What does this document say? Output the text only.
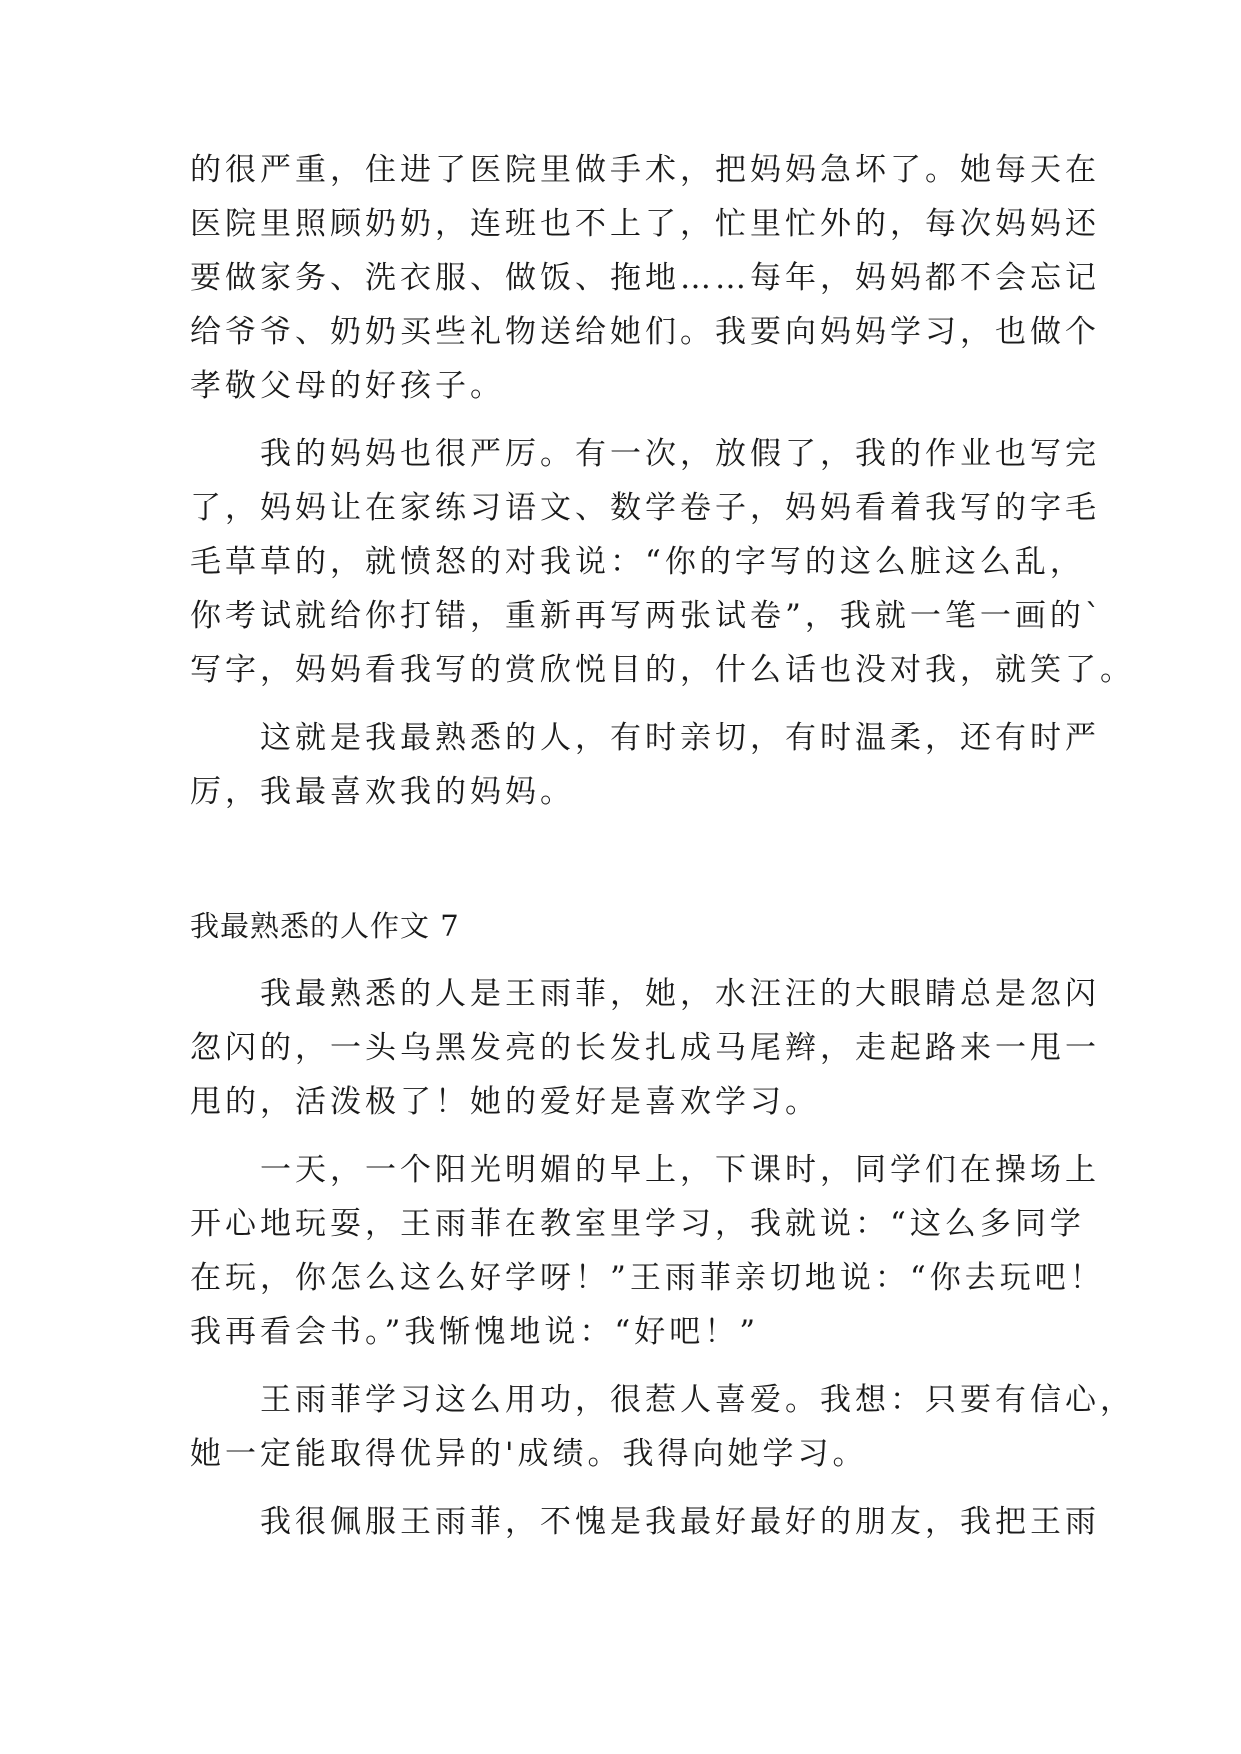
的很严重，住进了医院里做手术，把妈妈急坏了。她每天在
医院里照顾奶奶，连班也不上了，忙里忙外的，每次妈妈还
要做家务、洗衣服、做饭、拖地……每年，妈妈都不会忘记
给爷爷、奶奶买些礼物送给她们。我要向妈妈学习，也做个
孝敬父母的好孩子。
　　我的妈妈也很严厉。有一次，放假了，我的作业也写完
了，妈妈让在家练习语文、数学卷子，妈妈看着我写的字毛
毛草草的，就愤怒的对我说：“你的字写的这么脏这么乱，
你考试就给你打错，重新再写两张试卷”，我就一笔一画的`
写字，妈妈看我写的赏欣悦目的，什么话也没对我，就笑了。
　　这就是我最熟悉的人，有时亲切，有时温柔，还有时严
厉，我最喜欢我的妈妈。
我最熟悉的人作文 7
　　我最熟悉的人是王雨菲，她，水汪汪的大眼睛总是忽闪
忽闪的，一头乌黑发亮的长发扎成马尾辫，走起路来一甩一
甩的，活泼极了！她的爱好是喜欢学习。
　　一天，一个阳光明媚的早上，下课时，同学们在操场上
开心地玩耍，王雨菲在教室里学习，我就说：“这么多同学
在玩，你怎么这么好学呀！”王雨菲亲切地说：“你去玩吧！
我再看会书。”我惭愧地说：“好吧！”
　　王雨菲学习这么用功，很惹人喜爱。我想：只要有信心，
她一定能取得优异的'成绩。我得向她学习。
　　我很佩服王雨菲，不愧是我最好最好的朋友，我把王雨
